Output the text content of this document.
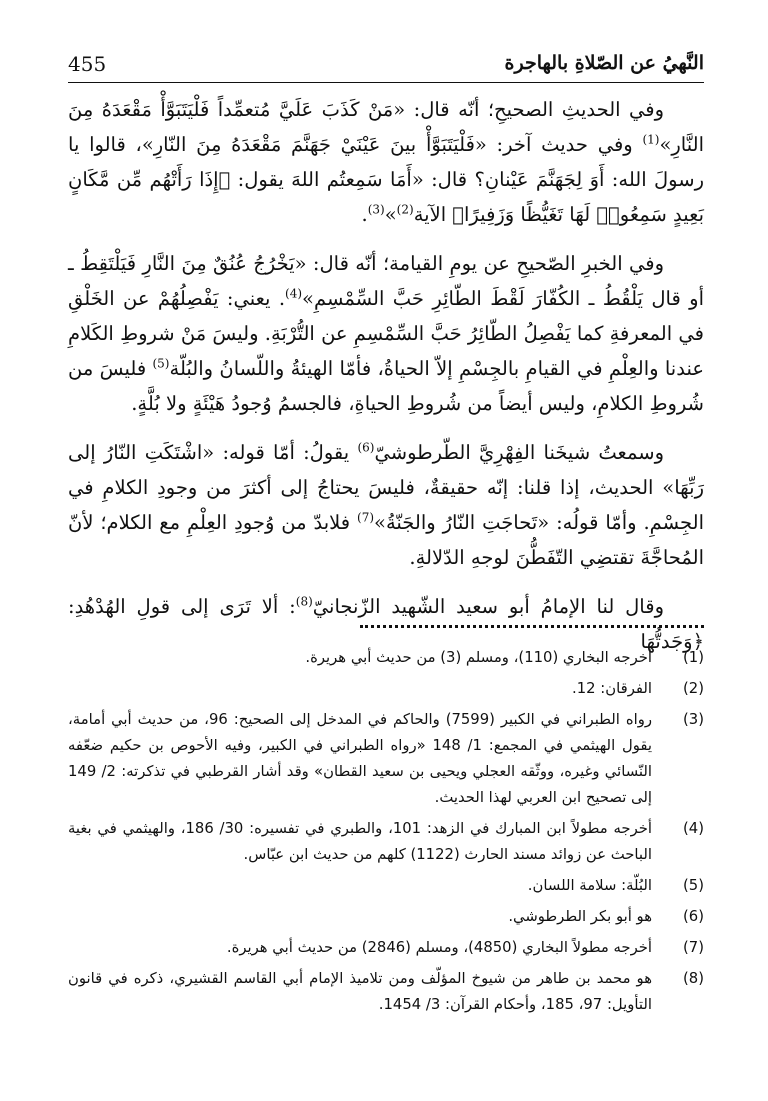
455	النَّهيُ عن الصّلاةِ بالهاجرة

وفي الحديثِ الصحيحِ؛ أنّه قال: «مَنْ كَذَبَ عَلَيَّ مُتعمِّداً فَلْيَتَبَوَّأْ مَقْعَدَهُ مِنَ النَّارِ»$^{(1)}$ وفي حديث آخر: «فَلْيَتَبَوَّأْ بينَ عَيْنَيْ جَهَنَّمَ مَقْعَدَهُ مِنَ النّارِ»، قالوا يا رسولَ الله: أَوَ لِجَهَنَّمَ عَيْنانِ؟ قال: «أَمَا سَمِعتُم اللهَ يقول: ﴿إِذَا رَأَتْهُم مِّن مَّكَانٍ بَعِيدٍ سَمِعُوا۟ لَهَا تَغَيُّظًا وَزَفِيرًا﴾ الآية$^{(2)}$»$^{(3)}$.

وفي الخبرِ الصّحيحِ عن يومِ القيامة؛ أنّه قال: «يَخْرُجُ عُنُقٌ مِنَ النَّارِ فَيَلْتَقِطُ ـ أو قال يَلْقُطُ ـ الكُفّارَ لَقْطَ الطّائِرِ حَبَّ السِّمْسِمِ»$^{(4)}$. يعني: يَفْصِلُهُمْ عن الخَلْقِ في المعرفةِ كما يَفْصِلُ الطّائِرُ حَبَّ السِّمْسِمِ عن التُّرْبَةِ. وليسَ مَنْ شروطِ الكَلامِ عندنا والعِلْمِ في القيامِ بالجِسْمِ إلاّ الحياةُ، فأمّا الهيئةُ واللّسانُ والبُلّة$^{(5)}$ فليسَ من شُروطِ الكلامِ، وليس أيضاً من شُروطِ الحياةِ، فالجسمُ وُجودُ هَيْئَةٍ ولا بُلَّةٍ.

وسمعتُ شيخَنا الفِهْرِيَّ الطّرطوشيّ$^{(6)}$ يقولُ: أمّا قوله: «اشْتَكَتِ النّارُ إلى رَبِّهَا» الحديث، إذا قلنا: إنّه حقيقةٌ، فليسَ يحتاجُ إلى أكثرَ من وجودِ الكلامِ في الجِسْمِ. وأمّا قولُه: «تَحاجَتِ النّارُ والجَنّةُ»$^{(7)}$ فلابدّ من وُجودِ العِلْمِ مع الكلام؛ لأنّ المُحاجَّةَ تقتضِي التّفَطُّنَ لوجهِ الدّلالةِ.

وقال لنا الإمامُ أبو سعيد الشّهيد الزّنجانيّ$^{(8)}$: ألا تَرَى إلى قولِ الهُدْهُدِ: ﴿وَجَدتُّهَا

(1)
أخرجه البخاري (110)، ومسلم (3) من حديث أبي هريرة.
(2)
الفرقان: 12.
(3)
رواه الطبراني في الكبير (7599) والحاكم في المدخل إلى الصحيح: 96، من حديث أبي أمامة، يقول الهيثمي في المجمع: 1/ 148 «رواه الطبراني في الكبير، وفيه الأحوص بن حكيم ضعّفه النّسائي وغيره، ووثّقه العجلي ويحيى بن سعيد القطان» وقد أشار القرطبي في تذكرته: 2/ 149 إلى تصحيح ابن العربي لهذا الحديث.
(4)
أخرجه مطولاً ابن المبارك في الزهد: 101، والطبري في تفسيره: 30/ 186، والهيثمي في بغية الباحث عن زوائد مسند الحارث (1122) كلهم من حديث ابن عبّاس.
(5)
البُلّة: سلامة اللسان.
(6)
هو أبو بكر الطرطوشي.
(7)
أخرجه مطولاً البخاري (4850)، ومسلم (2846) من حديث أبي هريرة.
(8)
هو محمد بن طاهر من شيوخ المؤلّف ومن تلاميذ الإمام أبي القاسم القشيري، ذكره في قانون التأويل: 97، 185، وأحكام القرآن: 3/ 1454.
